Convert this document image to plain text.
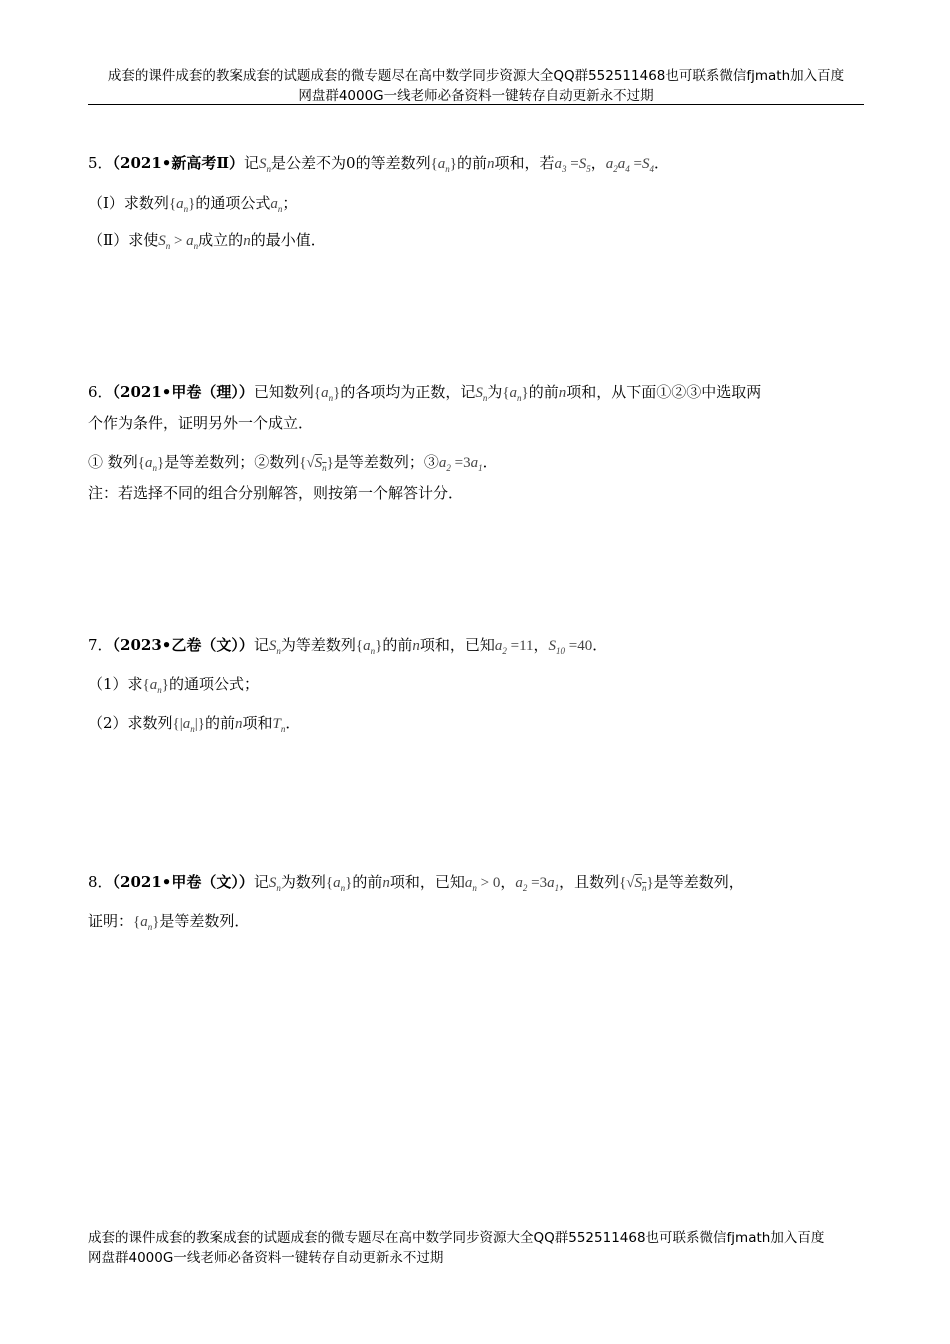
成套的课件成套的教案成套的试题成套的微专题尽在高中数学同步资源大全QQ群552511468也可联系微信fjmath加入百度
网盘群4000G一线老师必备资料一键转存自动更新永不过期
5．（2021•新高考Ⅱ）记$S_n$是公差不为0的等差数列$\{a_n\}$的前n项和，若$a_3 =S_5$，$a_2a_4 =S_4$．
（Ⅰ）求数列$\{a_n\}$的通项公式$a_n$；
（Ⅱ）求使$S_n > a_n$成立的n的最小值．
6．（2021•甲卷（理））已知数列$\{a_n\}$的各项均为正数，记$S_n$为$\{a_n\}$的前n项和，从下面①②③中选取两
个作为条件，证明另外一个成立．
① 数列$\{a_n\}$是等差数列；②数列$\{√S_n\}$是等差数列；$③a_2 =3a_1$．
注：若选择不同的组合分别解答，则按第一个解答计分．
7．（2023•乙卷（文））记$S_n$为等差数列$\{a_n\}$的前n项和，已知$a_2 =11$，$S_{10} =40$．
（1）求$\{a_n\}$的通项公式；
（2）求数列$\{|a_n|\}$的前n项和$T_n$．
8．（2021•甲卷（文））记$S_n$为数列$\{a_n\}$的前n项和，已知$a_n > 0$，$a_2 =3a_1$，且数列$\{√S_n\}$是等差数列，
证明：$\{a_n\}$是等差数列．
成套的课件成套的教案成套的试题成套的微专题尽在高中数学同步资源大全QQ群552511468也可联系微信fjmath加入百度
网盘群4000G一线老师必备资料一键转存自动更新永不过期
